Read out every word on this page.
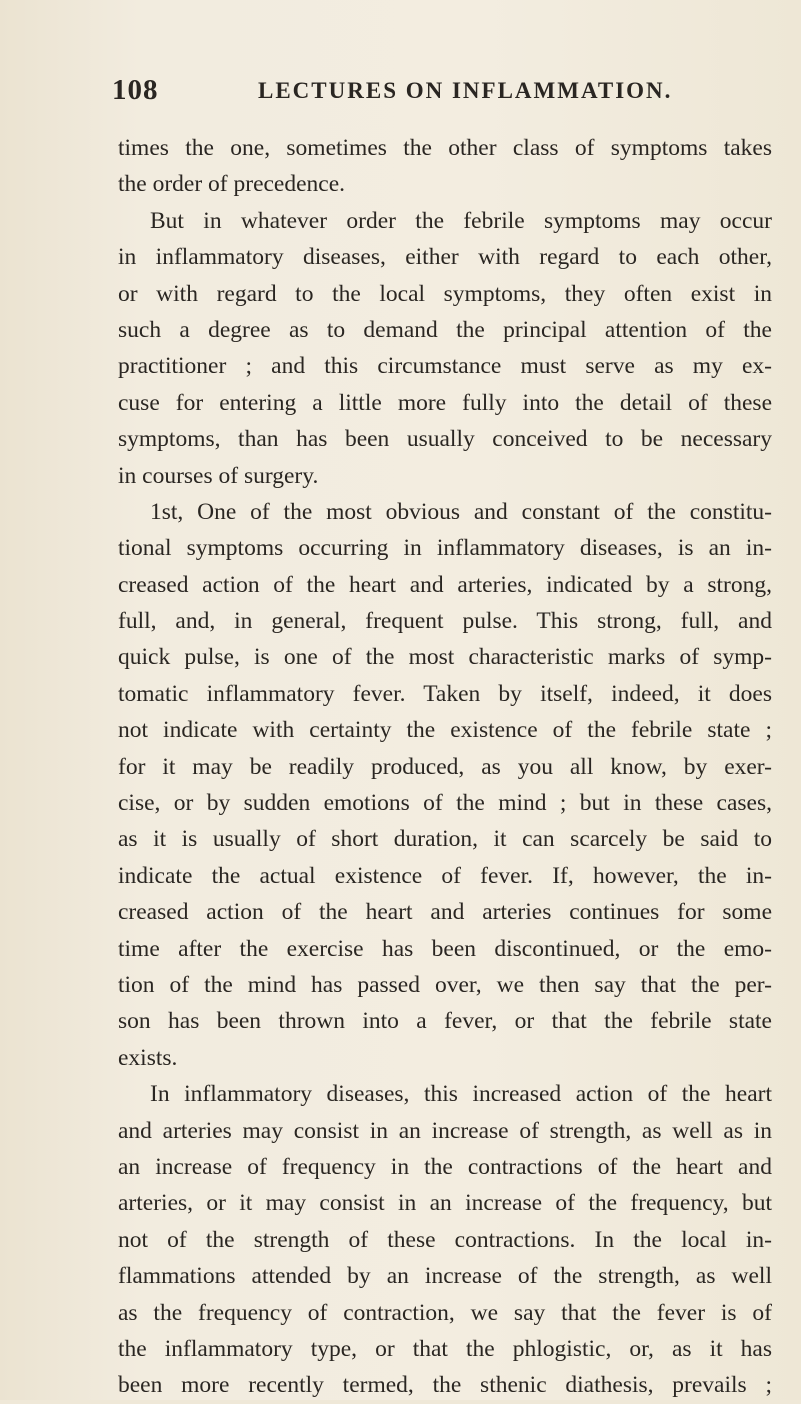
108	LECTURES ON INFLAMMATION.
times the one, sometimes the other class of symptoms takes
the order of precedence.
But in whatever order the febrile symptoms may occur
in inflammatory diseases, either with regard to each other,
or with regard to the local symptoms, they often exist in
such a degree as to demand the principal attention of the
practitioner ; and this circumstance must serve as my ex-
cuse for entering a little more fully into the detail of these
symptoms, than has been usually conceived to be necessary
in courses of surgery.
1st, One of the most obvious and constant of the constitu-
tional symptoms occurring in inflammatory diseases, is an in-
creased action of the heart and arteries, indicated by a strong,
full, and, in general, frequent pulse. This strong, full, and
quick pulse, is one of the most characteristic marks of symp-
tomatic inflammatory fever. Taken by itself, indeed, it does
not indicate with certainty the existence of the febrile state ;
for it may be readily produced, as you all know, by exer-
cise, or by sudden emotions of the mind ; but in these cases,
as it is usually of short duration, it can scarcely be said to
indicate the actual existence of fever. If, however, the in-
creased action of the heart and arteries continues for some
time after the exercise has been discontinued, or the emo-
tion of the mind has passed over, we then say that the per-
son has been thrown into a fever, or that the febrile state
exists.
In inflammatory diseases, this increased action of the heart
and arteries may consist in an increase of strength, as well as in
an increase of frequency in the contractions of the heart and
arteries, or it may consist in an increase of the frequency, but
not of the strength of these contractions. In the local in-
flammations attended by an increase of the strength, as well
as the frequency of contraction, we say that the fever is of
the inflammatory type, or that the phlogistic, or, as it has
been more recently termed, the sthenic diathesis, prevails ;
